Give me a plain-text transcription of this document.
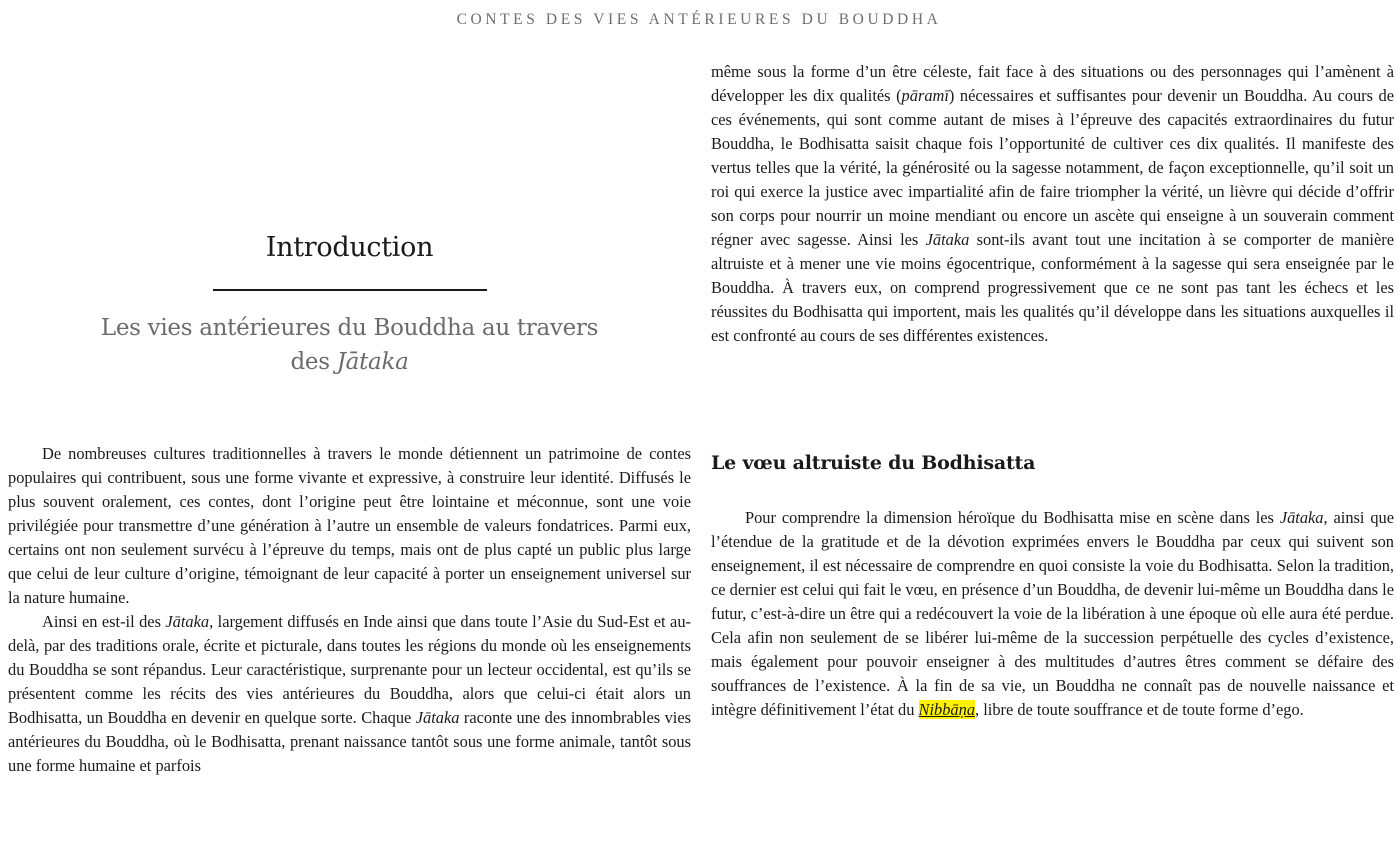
CONTES DES VIES ANTÉRIEURES DU BOUDDHA
Introduction
Les vies antérieures du Bouddha au travers
des Jātaka

De nombreuses cultures traditionnelles à travers le monde détiennent un patrimoine de contes populaires qui contribuent, sous une forme vivante et expressive, à construire leur identité. Diffusés le plus souvent oralement, ces contes, dont l’origine peut être lointaine et méconnue, sont une voie privilégiée pour transmettre d’une génération à l’autre un ensemble de valeurs fondatrices. Parmi eux, certains ont non seulement survécu à l’épreuve du temps, mais ont de plus capté un public plus large que celui de leur culture d’origine, témoignant de leur capacité à porter un enseignement universel sur la nature humaine.

Ainsi en est-il des Jātaka, largement diffusés en Inde ainsi que dans toute l’Asie du Sud-Est et au-delà, par des traditions orale, écrite et picturale, dans toutes les régions du monde où les enseignements du Bouddha se sont répandus. Leur caractéristique, surprenante pour un lecteur occidental, est qu’ils se présentent comme les récits des vies antérieures du Bouddha, alors que celui-ci était alors un Bodhisatta, un Bouddha en devenir en quelque sorte. Chaque Jātaka raconte une des innombrables vies antérieures du Bouddha, où le Bodhisatta, prenant naissance tantôt sous une forme animale, tantôt sous une forme humaine et parfois

même sous la forme d’un être céleste, fait face à des situations ou des personnages qui l’amènent à développer les dix qualités (pāramī) nécessaires et suffisantes pour devenir un Bouddha. Au cours de ces événements, qui sont comme autant de mises à l’épreuve des capacités extraordinaires du futur Bouddha, le Bodhisatta saisit chaque fois l’opportunité de cultiver ces dix qualités. Il manifeste des vertus telles que la vérité, la générosité ou la sagesse notamment, de façon exceptionnelle, qu’il soit un roi qui exerce la justice avec impartialité afin de faire triompher la vérité, un lièvre qui décide d’offrir son corps pour nourrir un moine mendiant ou encore un ascète qui enseigne à un souverain comment régner avec sagesse. Ainsi les Jātaka sont-ils avant tout une incitation à se comporter de manière altruiste et à mener une vie moins égocentrique, conformément à la sagesse qui sera enseignée par le Bouddha. À travers eux, on comprend progressivement que ce ne sont pas tant les échecs et les réussites du Bodhisatta qui importent, mais les qualités qu’il développe dans les situations auxquelles il est confronté au cours de ses différentes existences.

Le vœu altruiste du Bodhisatta

Pour comprendre la dimension héroïque du Bodhisatta mise en scène dans les Jātaka, ainsi que l’étendue de la gratitude et de la dévotion exprimées envers le Bouddha par ceux qui suivent son enseignement, il est nécessaire de comprendre en quoi consiste la voie du Bodhisatta. Selon la tradition, ce dernier est celui qui fait le vœu, en présence d’un Bouddha, de devenir lui-même un Bouddha dans le futur, c’est-à-dire un être qui a redécouvert la voie de la libération à une époque où elle aura été perdue. Cela afin non seulement de se libérer lui-même de la succession perpétuelle des cycles d’existence, mais également pour pouvoir enseigner à des multitudes d’autres êtres comment se défaire des souffrances de l’existence. À la fin de sa vie, un Bouddha ne connaît pas de nouvelle naissance et intègre définitivement l’état du Nibbāṇa, libre de toute souffrance et de toute forme d’ego.
